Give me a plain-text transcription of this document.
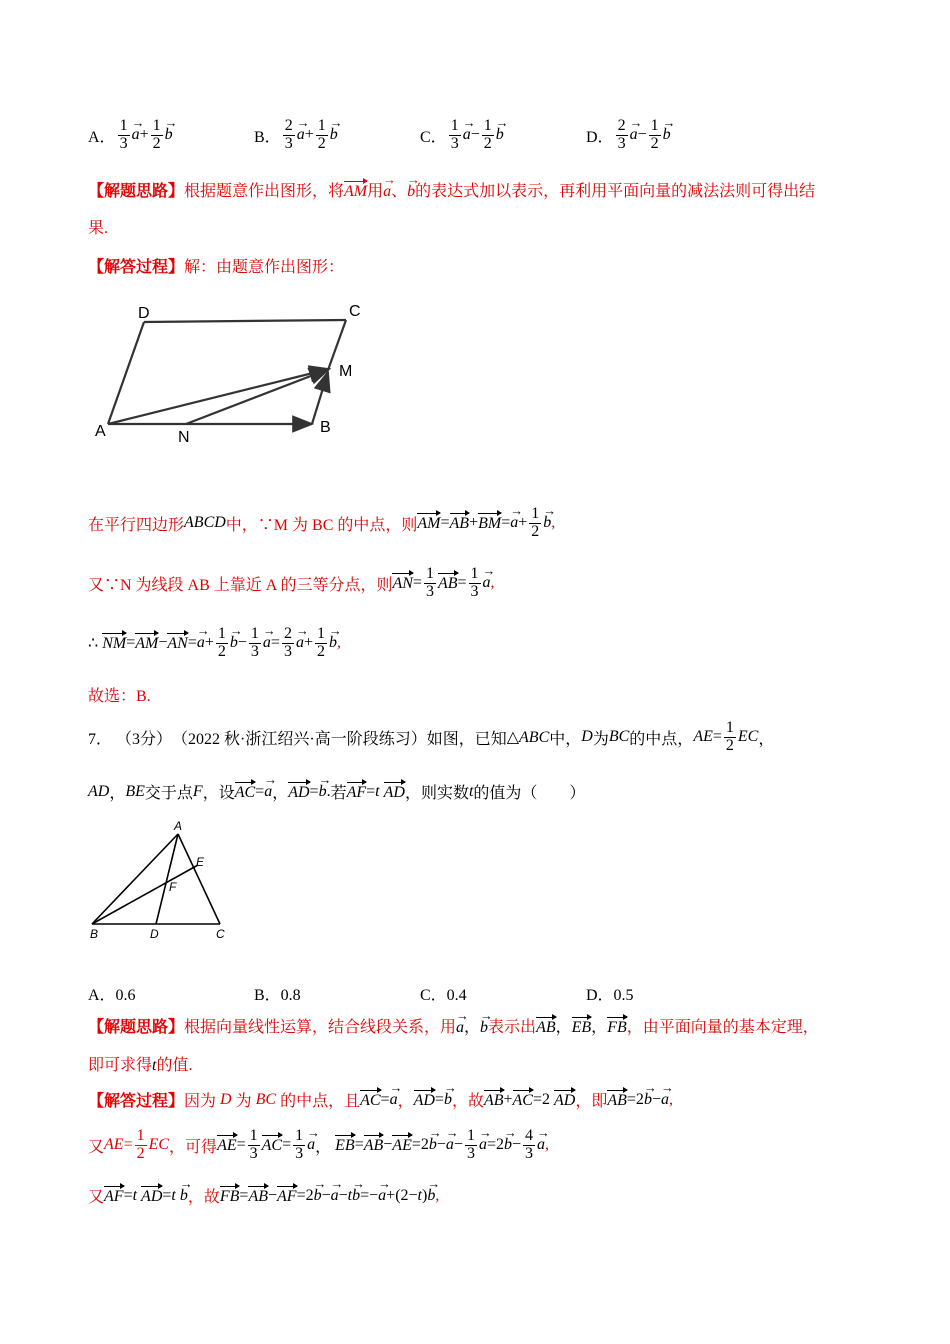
A． $\frac{1}{3}$
→ $a + \frac{1}{2}$
→ b	B． $\frac{2}{3}$
→ $a + \frac{1}{2}$
→ b	C． $\frac{1}{3}$
→ $a - \frac{1}{2}$
→ b	D． $\frac{2}{3}$
→ $a - \frac{1}{2}$
→ b
【解题思路】根据题意作出图形，将AM用→ a、→ b的表达式加以表示，再利用平面向量的减法法则可得出结
果.
【解答过程】解：由题意作出图形：
D	C
M
A	N
B
在平行四边形 ABCD 中，∵M 为 BC 的中点，则 AM = AB + BM =
→ $a + \frac{1}{2}$
→ b ,
又∵N 为线段 AB 上靠近 A 的三等分点，则 AN = $\frac{1}{3}$ AB = $\frac{1}{3}$
→ a ,
∴
NM = AM − AN =
→ $a + \frac{1}{2}$
→ $b - \frac{1}{3}$
→ $a = \frac{2}{3}$
→ $a + \frac{1}{2}$
→ b ,
故选：B.
7．
（3分） （2022 秋·浙江绍兴·高一阶段练习） 如图，已知 △ABC 中， D 为 BC 的中点， AE = $\frac{1}{2}$ EC ，
AD ， BE 交于点 F ，设 AC =
→ a ， AD =
→ b . 若 AF = t
AD ，则实数 t 的值为（　　）
A
E
F
B	D	C
A．0.6	B．0.8	C．0.4	D．0.5
【解题思路】 根据向量线性运算，结合线段关系，用
→ a，→ b 表示出 AB，EB，FB ，由平面向量的基本定理，
即可求得t的值.
【解答过程】 因为
D
为
BC
的中点，且 AC =
→ a ， AD =
→ b ，故 AB + AC =2 AD ，即 AB =2
→ b −
→ a ,
又 AE = $\frac{1}{2}$ EC ，可得 AE = $\frac{1}{3}$ AC = $\frac{1}{3}$
→ a ， EB = AB − AE =2
→ b −
→ $a - \frac{1}{3}$
→ a =2
→ $b - \frac{4}{3}$
→ a ,
又 AF = t
AD = t

→ b ，故 FB = AB − AF =2
→ b −
→ a − t
→ b =−
→ a +(2− t )
→ b ,
